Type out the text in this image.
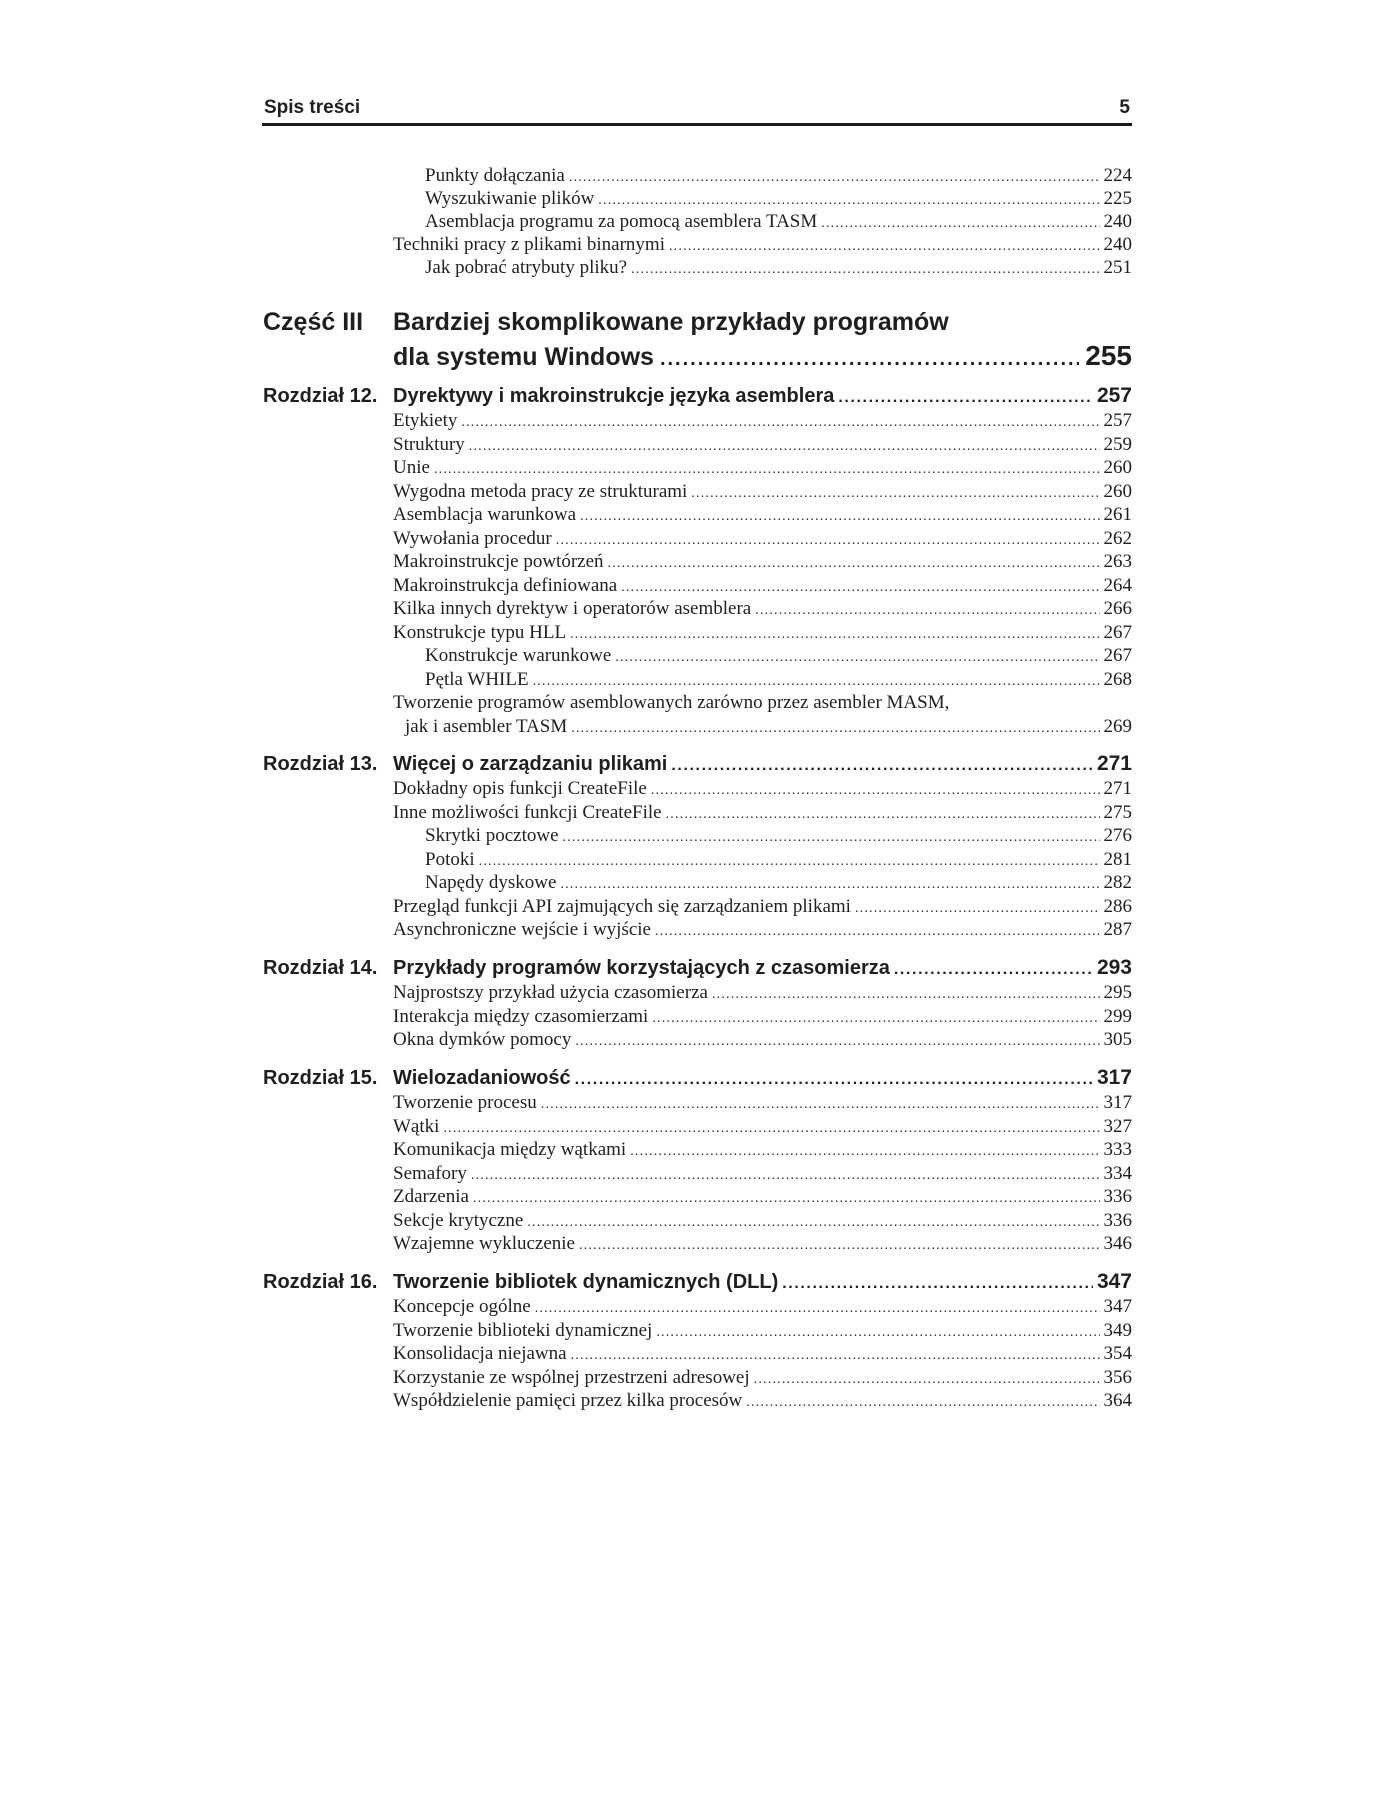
Spis treści	5
Punkty dołączania .....	224
Wyszukiwanie plików .....	225
Asemblacja programu za pomocą asemblera TASM .....	240
Techniki pracy z plikami binarnymi .....	240
Jak pobrać atrybuty pliku? .....	251
Część III Bardziej skomplikowane przykłady programów
dla systemu Windows .....	255
Rozdział 12. Dyrektywy i makroinstrukcje języka asemblera .....	257
Etykiety .....	257
Struktury .....	259
Unie .....	260
Wygodna metoda pracy ze strukturami .....	260
Asemblacja warunkowa .....	261
Wywołania procedur .....	262
Makroinstrukcje powtórzeń .....	263
Makroinstrukcja definiowana .....	264
Kilka innych dyrektyw i operatorów asemblera .....	266
Konstrukcje typu HLL .....	267
Konstrukcje warunkowe .....	267
Pętla WHILE .....	268
Tworzenie programów asemblowanych zarówno przez asembler MASM,
jak i asembler TASM .....	269
Rozdział 13. Więcej o zarządzaniu plikami .....	271
Dokładny opis funkcji CreateFile .....	271
Inne możliwości funkcji CreateFile .....	275
Skrytki pocztowe .....	276
Potoki .....	281
Napędy dyskowe .....	282
Przegląd funkcji API zajmujących się zarządzaniem plikami .....	286
Asynchroniczne wejście i wyjście .....	287
Rozdział 14. Przykłady programów korzystających z czasomierza .....	293
Najprostszy przykład użycia czasomierza .....	295
Interakcja między czasomierzami .....	299
Okna dymków pomocy .....	305
Rozdział 15. Wielozadaniowość .....	317
Tworzenie procesu .....	317
Wątki .....	327
Komunikacja między wątkami .....	333
Semafory .....	334
Zdarzenia .....	336
Sekcje krytyczne .....	336
Wzajemne wykluczenie .....	346
Rozdział 16. Tworzenie bibliotek dynamicznych (DLL) .....	347
Koncepcje ogólne .....	347
Tworzenie biblioteki dynamicznej .....	349
Konsolidacja niejawna .....	354
Korzystanie ze wspólnej przestrzeni adresowej .....	356
Współdzielenie pamięci przez kilka procesów .....	364
